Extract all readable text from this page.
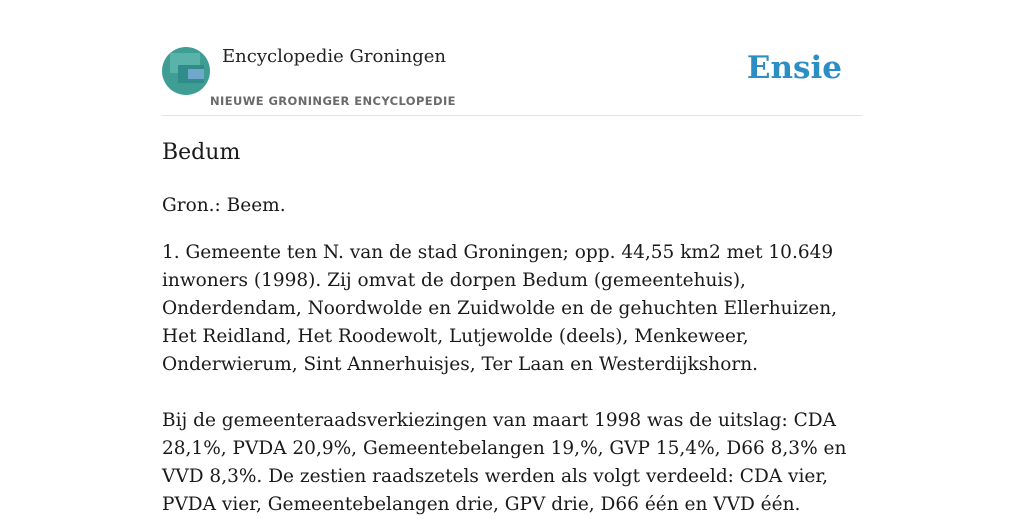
Encyclopedie Groningen
NIEUWE GRONINGER ENCYCLOPEDIE
Ensie
Bedum
Gron.: Beem.
1. Gemeente ten N. van de stad Groningen; opp. 44,55 km2 met 10.649 inwoners (1998). Zij omvat de dorpen Bedum (gemeentehuis), Onderdendam, Noordwolde en Zuidwolde en de gehuchten Ellerhuizen, Het Reidland, Het Roodewolt, Lutjewolde (deels), Menkeweer, Onderwierum, Sint Annerhuisjes, Ter Laan en Westerdijkshorn.
Bij de gemeenteraadsverkiezingen van maart 1998 was de uitslag: CDA 28,1%, PVDA 20,9%, Gemeentebelangen 19,%, GVP 15,4%, D66 8,3% en VVD 8,3%. De zestien raadszetels werden als volgt verdeeld: CDA vier, PVDA vier, Gemeentebelangen drie, GPV drie, D66 één en VVD één.
